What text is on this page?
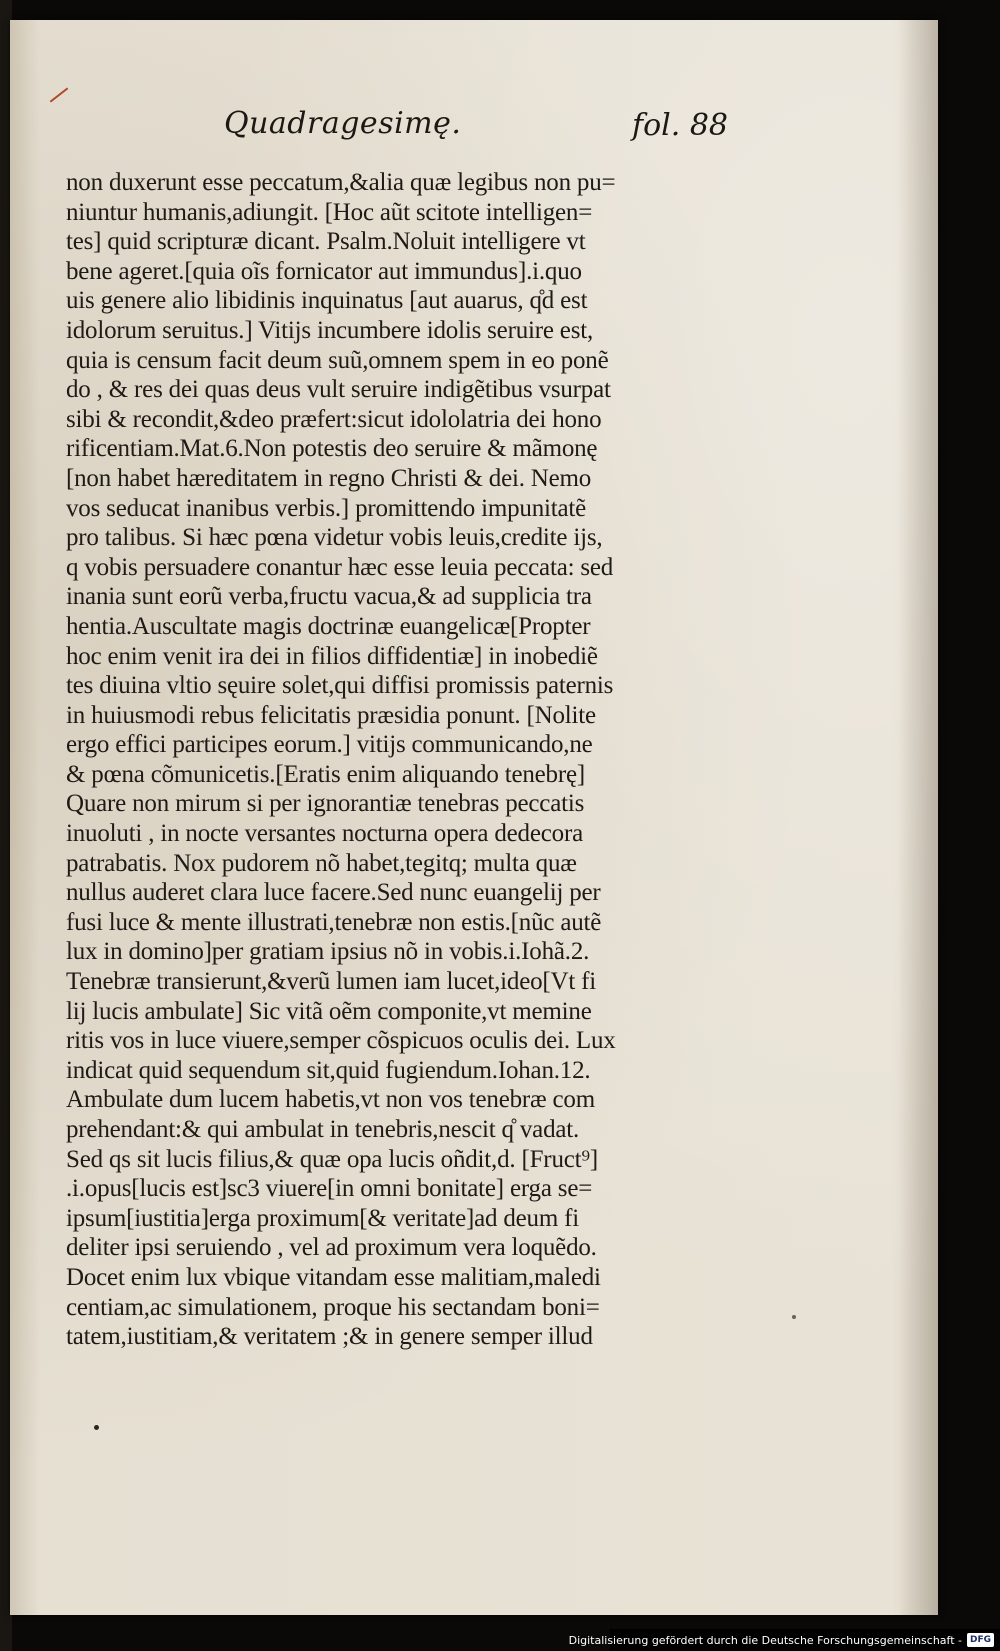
Quadragesimę.	fol. 88
non duxerunt esse peccatum,&alia quæ legibus non pu=
niuntur humanis,adiungit. [Hoc aũt scitote intelligen=
tes] quid scripturæ dicant. Psalm.Noluit intelligere vt
bene ageret.[quia oĩs fornicator aut immundus].i.quo
uis genere alio libidinis inquinatus [aut auarus, q̊d est
idolorum seruitus.] Vitijs incumbere idolis seruire est,
quia is censum facit deum suũ,omnem spem in eo ponẽ
do , & res dei quas deus vult seruire indigẽtibus vsurpat
sibi & recondit,&deo præfert:sicut idololatria dei hono
rificentiam.Mat.6.Non potestis deo seruire & mãmonę
[non habet hæreditatem in regno Christi & dei. Nemo
vos seducat inanibus verbis.] promittendo impunitatẽ
pro talibus. Si hæc pœna videtur vobis leuis,credite ijs,
q vobis persuadere conantur hæc esse leuia peccata: sed
inania sunt eorũ verba,fructu vacua,& ad supplicia tra
hentia.Auscultate magis doctrinæ euangelicæ[Propter
hoc enim venit ira dei in filios diffidentiæ] in inobediẽ
tes diuina vltio sęuire solet,qui diffisi promissis paternis
in huiusmodi rebus felicitatis præsidia ponunt. [Nolite
ergo effici participes eorum.] vitijs communicando,ne
& pœna cõmunicetis.[Eratis enim aliquando tenebrę]
Quare non mirum si per ignorantiæ tenebras peccatis
inuoluti , in nocte versantes nocturna opera dedecora
patrabatis. Nox pudorem nõ habet,tegitq; multa quæ
nullus auderet clara luce facere.Sed nunc euangelij per
fusi luce & mente illustrati,tenebræ non estis.[nũc autẽ
lux in domino]per gratiam ipsius nõ in vobis.i.Iohã.2.
Tenebræ transierunt,&verũ lumen iam lucet,ideo[Vt fi
lij lucis ambulate] Sic vitã oẽm componite,vt memine
ritis vos in luce viuere,semper cõspicuos oculis dei. Lux
indicat quid sequendum sit,quid fugiendum.Iohan.12.
Ambulate dum lucem habetis,vt non vos tenebræ com
prehendant:& qui ambulat in tenebris,nescit q̊ vadat.
Sed qs sit lucis filius,& quæ opa lucis oñdit,d. [Fruct⁹]
.i.opus[lucis est]sc3 viuere[in omni bonitate] erga se=
ipsum[iustitia]erga proximum[& veritate]ad deum fi
deliter ipsi seruiendo , vel ad proximum vera loquẽdo.
Docet enim lux vbique vitandam esse malitiam,maledi
centiam,ac simulationem, proque his sectandam boni=
tatem,iustitiam,& veritatem ;& in genere semper illud
Digitalisierung gefördert durch die Deutsche Forschungsgemeinschaft - DFG
